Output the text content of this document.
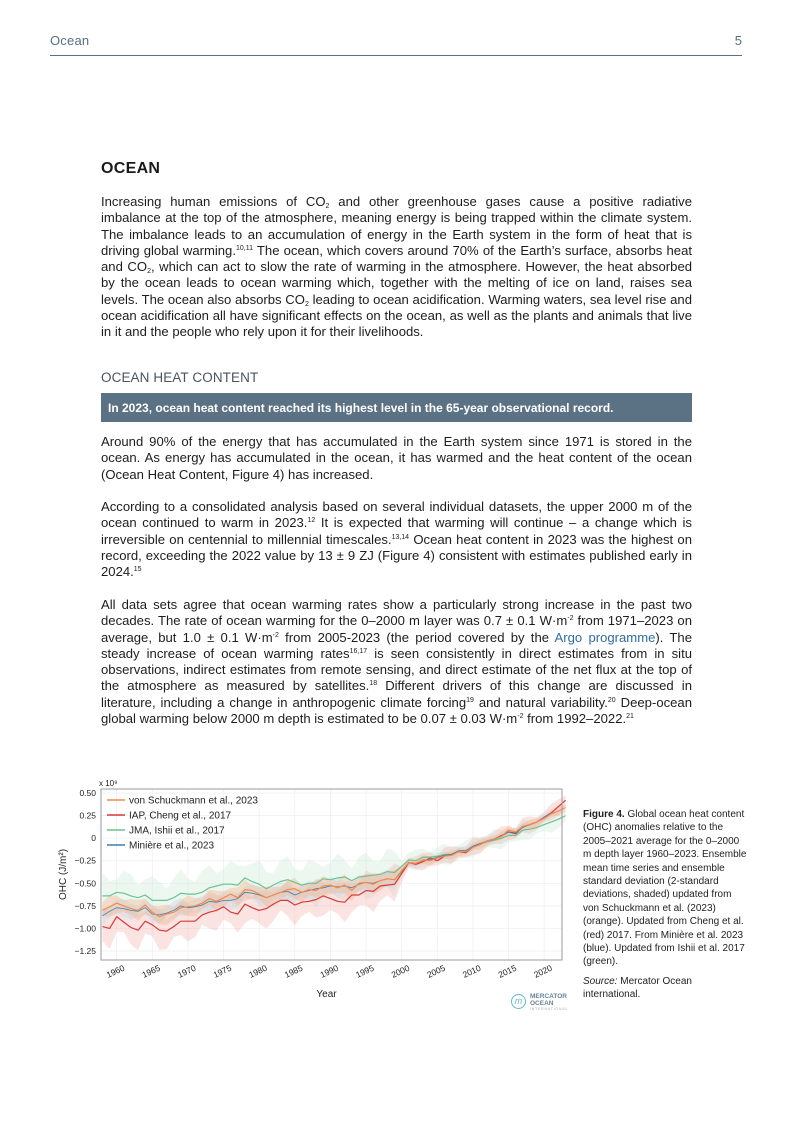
Ocean	5
OCEAN

Increasing human emissions of $CO_2$ and other greenhouse gases cause a positive radiative imbalance at the top of the atmosphere, meaning energy is being trapped within the climate system. The imbalance leads to an accumulation of energy in the Earth system in the form of heat that is driving global warming.$^{10,11}$ The ocean, which covers around 70% of the Earth’s surface, absorbs heat and $CO_2$, which can act to slow the rate of warming in the atmosphere. However, the heat absorbed by the ocean leads to ocean warming which, together with the melting of ice on land, raises sea levels. The ocean also absorbs $CO_2$ leading to ocean acidification. Warming waters, sea level rise and ocean acidification all have significant effects on the ocean, as well as the plants and animals that live in it and the people who rely upon it for their livelihoods.

OCEAN HEAT CONTENT
In 2023, ocean heat content reached its highest level in the 65-year observational record.

Around 90% of the energy that has accumulated in the Earth system since 1971 is stored in the ocean. As energy has accumulated in the ocean, it has warmed and the heat content of the ocean (Ocean Heat Content, Figure 4) has increased.

According to a consolidated analysis based on several individual datasets, the upper 2000 m of the ocean continued to warm in 2023.12 It is expected that warming will continue – a change which is irreversible on centennial to millennial timescales.$^{13,14}$ Ocean heat content in 2023 was the highest on record, exceeding the 2022 value by 13 ± 9 ZJ (Figure 4) consistent with estimates published early in 2024.15

All data sets agree that ocean warming rates show a particularly strong increase in the past two decades. The rate of ocean warming for the 0–2000 m layer was 0.7 ± 0.1 $W\cdot m^{-2}$ from 1971–2023 on average, but 1.0 ± 0.1 $W\cdot m^{-2}$ from 2005-2023 (the period covered by the Argo programme). The steady increase of ocean warming rates$^{16,17}$ is seen consistently in direct estimates from in situ observations, indirect estimates from remote sensing, and direct estimate of the net flux at the top of the atmosphere as measured by satellites.$^{18}$ Different drivers of this change are discussed in literature, including a change in anthropogenic climate forcing$^{19}$ and natural variability.$^{20}$ Deep-ocean global warming below 2000 m depth is estimated to be 0.07 ± 0.03 $W\cdot m^{-2}$ from 1992–2022.21

0.50
0.25
0
−0.25
−0.50
−0.75
−1.00
−1.25
1960 1965 1970 1975 1980 1985 1990 1995 2000 2005 2010 2015 2020
x 10⁹
Year
OHC (J/m²)
von Schuckmann et al., 2023
IAP, Cheng et al., 2017
JMA, Ishii et al., 2017
Minière et al., 2023
m	MERCATOR
OCEAN
INTERNATIONAL
Figure 4. Global ocean heat content (OHC) anomalies relative to the 2005–2021 average for the 0–2000 m depth layer 1960–2023. Ensemble mean time series and ensemble standard deviation (2-standard deviations, shaded) updated from von Schuckmann et al. (2023) (orange). Updated from Cheng et al. (red) 2017. From Minière et al. 2023 (blue). Updated from Ishii et al. 2017 (green).
Source: Mercator Ocean international.
